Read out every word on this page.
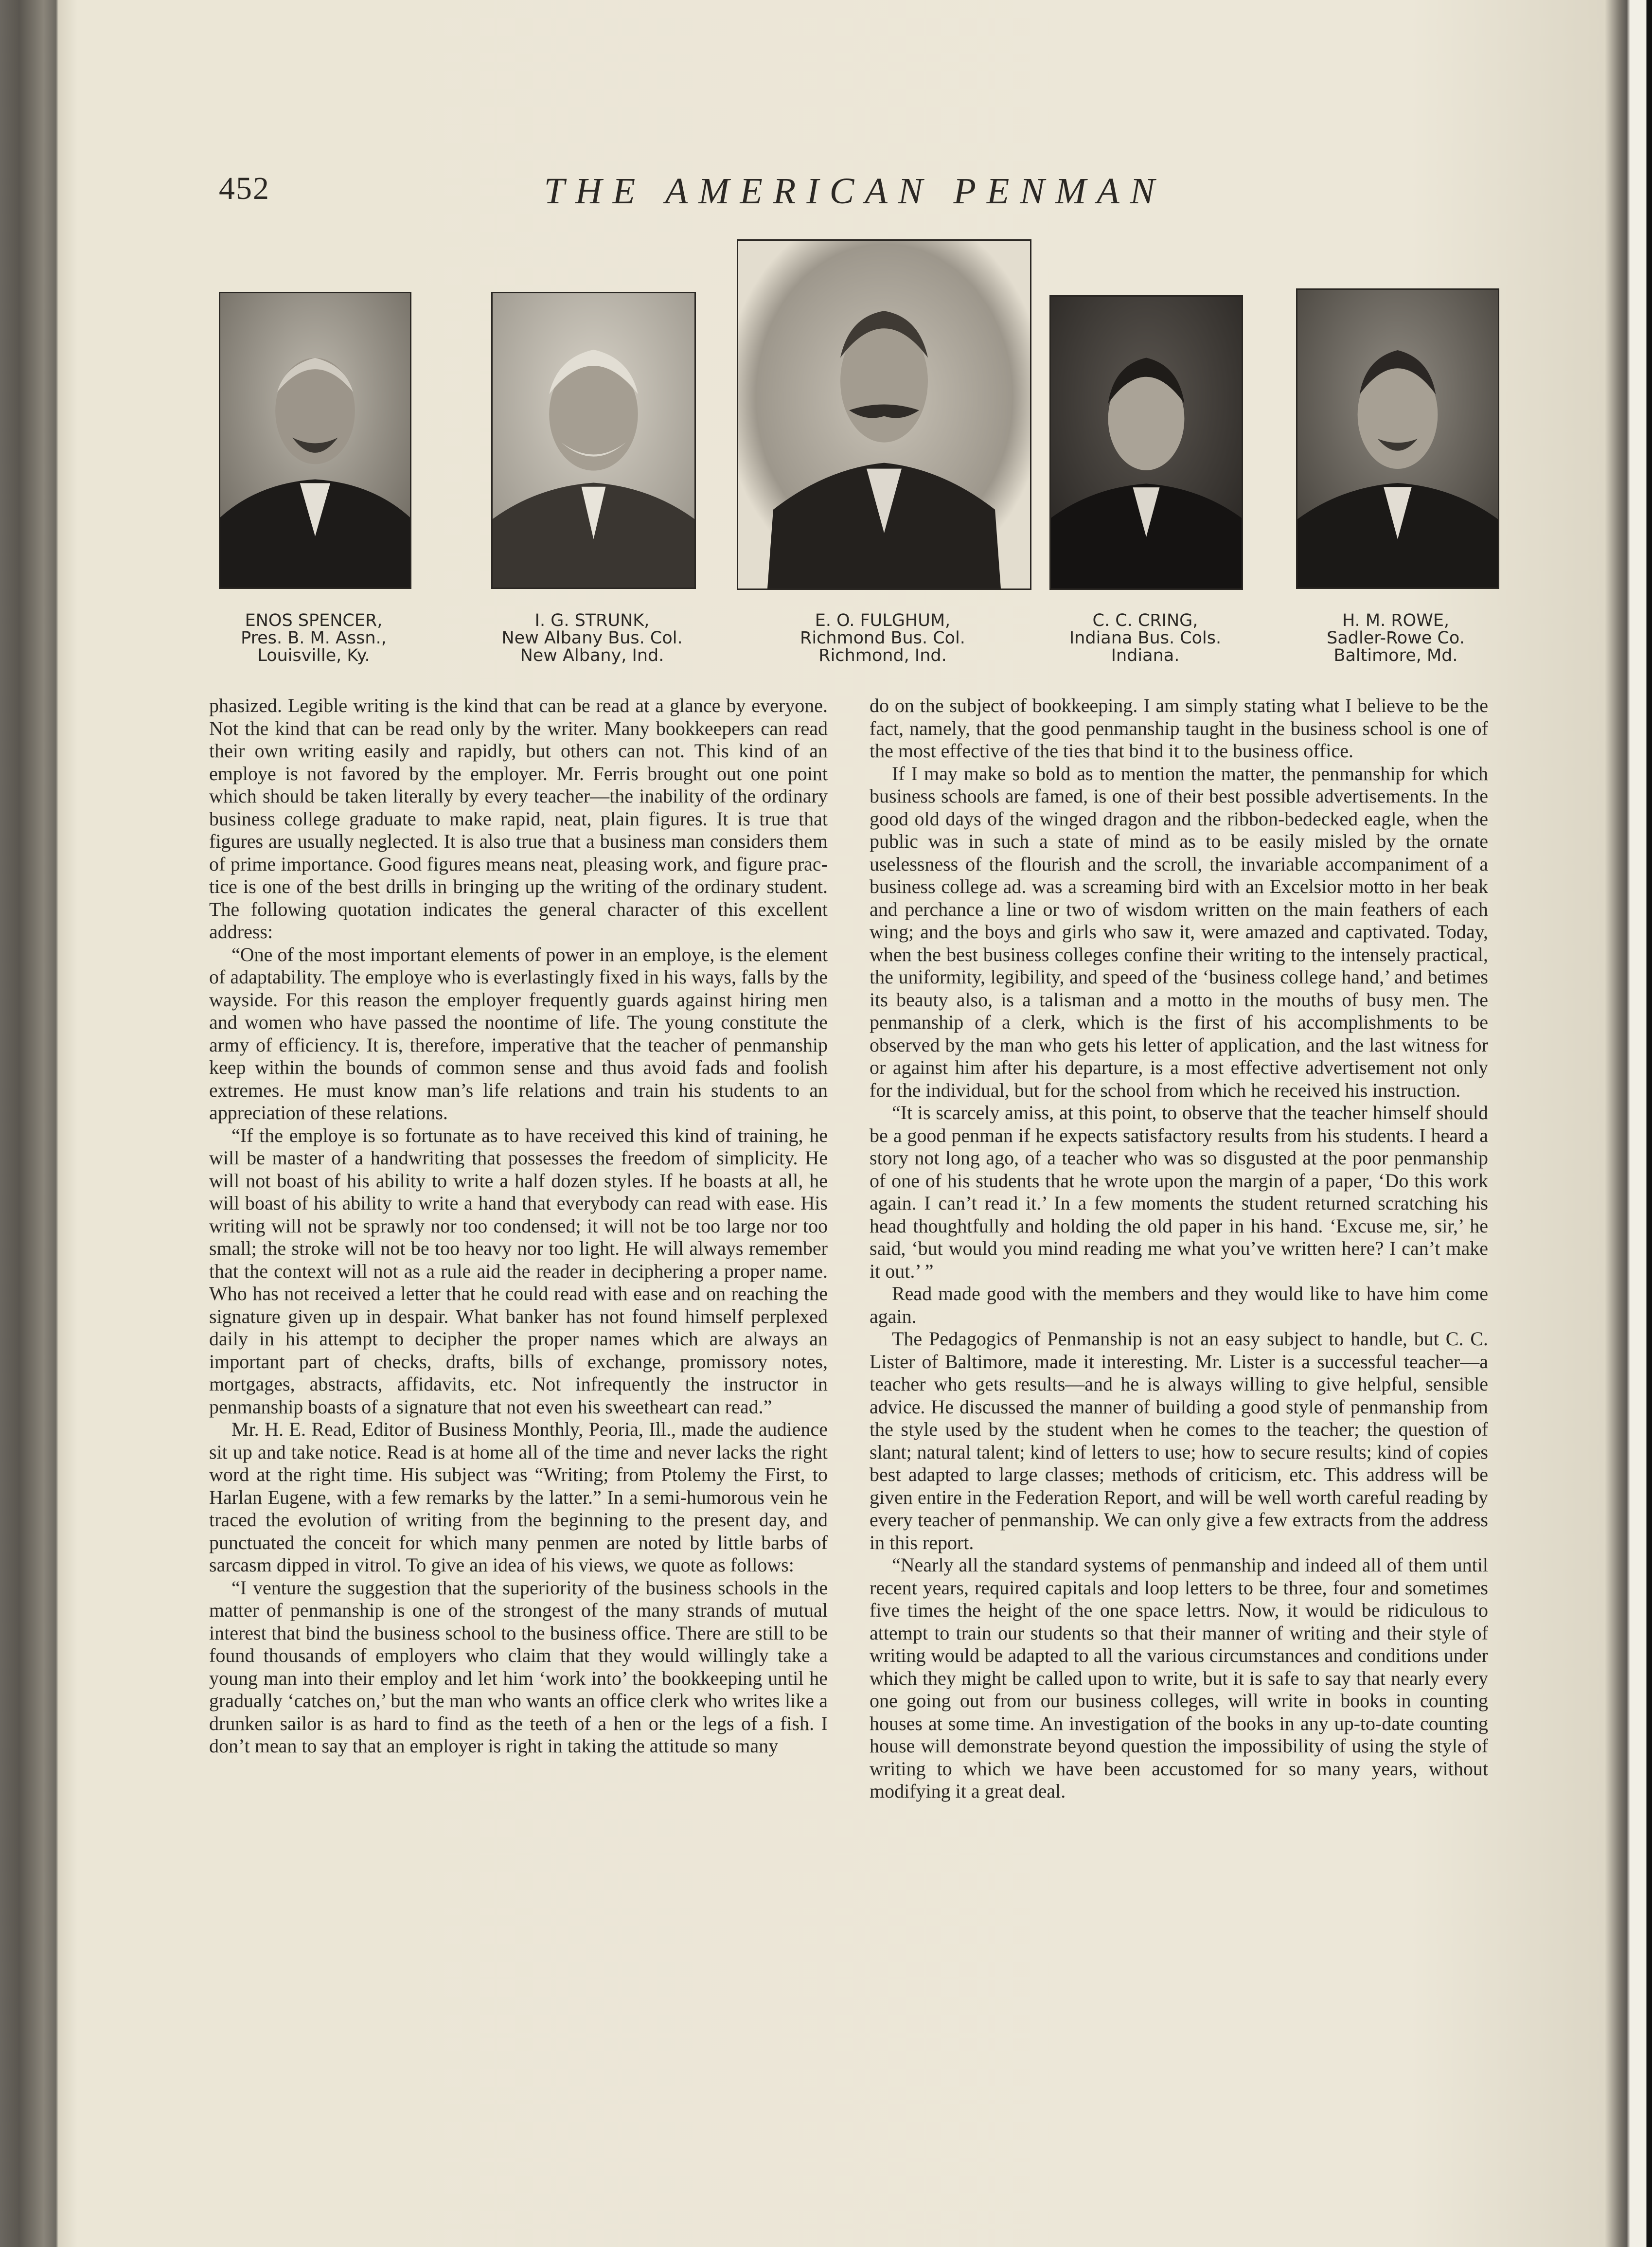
452	THE AMERICAN PENMAN
ENOS SPENCER,
Pres. B. M. Assn.,
Louisville, Ky.
I. G. STRUNK,
New Albany Bus. Col.
New Albany, Ind.
E. O. FULGHUM,
Richmond Bus. Col.
Richmond, Ind.
C. C. CRING,
Indiana Bus. Cols.
Indiana.
H. M. ROWE,
Sadler-Rowe Co.
Baltimore, Md.

phasized. Legible writing is the kind that can be read at a glance by everyone. Not the kind that can be read only by the writer. Many bookkeepers can read their own writing easily and rapidly, but others can not. This kind of an employe is not favored by the employer. Mr. Ferris brought out one point which should be taken literally by every teacher—the inability of the ordinary business college graduate to make rapid, neat, plain figures. It is true that figures are usually neglected. It is also true that a business man considers them of prime importance. Good figures means neat, pleasing work, and figure practice is one of the best drills in bringing up the writing of the ordinary student. The following quotation indicates the general character of this excellent address:

“One of the most important elements of power in an employe, is the element of adaptability. The employe who is everlastingly fixed in his ways, falls by the wayside. For this reason the employer frequently guards against hiring men and women who have passed the noontime of life. The young constitute the army of efficiency. It is, therefore, imperative that the teacher of penmanship keep within the bounds of common sense and thus avoid fads and foolish extremes. He must know man’s life relations and train his students to an appreciation of these relations.

“If the employe is so fortunate as to have received this kind of training, he will be master of a handwriting that possesses the freedom of simplicity. He will not boast of his ability to write a half dozen styles. If he boasts at all, he will boast of his ability to write a hand that everybody can read with ease. His writing will not be sprawly nor too condensed; it will not be too large nor too small; the stroke will not be too heavy nor too light. He will always remember that the context will not as a rule aid the reader in deciphering a proper name. Who has not received a letter that he could read with ease and on reaching the signature given up in despair. What banker has not found himself perplexed daily in his attempt to decipher the proper names which are always an important part of checks, drafts, bills of exchange, promissory notes, mortgages, abstracts, affidavits, etc. Not infrequently the instructor in penmanship boasts of a signature that not even his sweetheart can read.”

Mr. H. E. Read, Editor of Business Monthly, Peoria, Ill., made the audience sit up and take notice. Read is at home all of the time and never lacks the right word at the right time. His subject was “Writing; from Ptolemy the First, to Harlan Eugene, with a few remarks by the latter.” In a semi-humorous vein he traced the evolution of writing from the beginning to the present day, and punctuated the conceit for which many penmen are noted by little barbs of sarcasm dipped in vitrol. To give an idea of his views, we quote as follows:

“I venture the suggestion that the superiority of the business schools in the matter of penmanship is one of the strongest of the many strands of mutual interest that bind the business school to the business office. There are still to be found thousands of employers who claim that they would willingly take a young man into their employ and let him ‘work into’ the bookkeeping until he gradually ‘catches on,’ but the man who wants an office clerk who writes like a drunken sailor is as hard to find as the teeth of a hen or the legs of a fish. I don’t mean to say that an employer is right in taking the attitude so many

do on the subject of bookkeeping. I am simply stating what I believe to be the fact, namely, that the good penmanship taught in the business school is one of the most effective of the ties that bind it to the business office.

If I may make so bold as to mention the matter, the penmanship for which business schools are famed, is one of their best possible advertisements. In the good old days of the winged dragon and the ribbon-bedecked eagle, when the public was in such a state of mind as to be easily misled by the ornate uselessness of the flourish and the scroll, the invariable accompaniment of a business college ad. was a screaming bird with an Excelsior motto in her beak and perchance a line or two of wisdom written on the main feathers of each wing; and the boys and girls who saw it, were amazed and captivated. Today, when the best business colleges confine their writing to the intensely practical, the uniformity, legibility, and speed of the ‘business college hand,’ and betimes its beauty also, is a talisman and a motto in the mouths of busy men. The penmanship of a clerk, which is the first of his accomplishments to be observed by the man who gets his letter of application, and the last witness for or against him after his departure, is a most effective advertisement not only for the individual, but for the school from which he received his instruction.

“It is scarcely amiss, at this point, to observe that the teacher himself should be a good penman if he expects satisfactory results from his students. I heard a story not long ago, of a teacher who was so disgusted at the poor penmanship of one of his students that he wrote upon the margin of a paper, ‘Do this work again. I can’t read it.’ In a few moments the student returned scratching his head thoughtfully and holding the old paper in his hand. ‘Excuse me, sir,’ he said, ‘but would you mind reading me what you’ve written here? I can’t make it out.’ ”

Read made good with the members and they would like to have him come again.

The Pedagogics of Penmanship is not an easy subject to handle, but C. C. Lister of Baltimore, made it interesting. Mr. Lister is a successful teacher—a teacher who gets results—and he is always willing to give helpful, sensible advice. He discussed the manner of building a good style of penmanship from the style used by the student when he comes to the teacher; the question of slant; natural talent; kind of letters to use; how to secure results; kind of copies best adapted to large classes; methods of criticism, etc. This address will be given entire in the Federation Report, and will be well worth careful reading by every teacher of penmanship. We can only give a few extracts from the address in this report.

“Nearly all the standard systems of penmanship and indeed all of them until recent years, required capitals and loop letters to be three, four and sometimes five times the height of the one space lettrs. Now, it would be ridiculous to attempt to train our students so that their manner of writing and their style of writing would be adapted to all the various circumstances and conditions under which they might be called upon to write, but it is safe to say that nearly every one going out from our business colleges, will write in books in counting houses at some time. An investigation of the books in any up-to-date counting house will demonstrate beyond question the impossibility of using the style of writing to which we have been accustomed for so many years, without modifying it a great deal.
